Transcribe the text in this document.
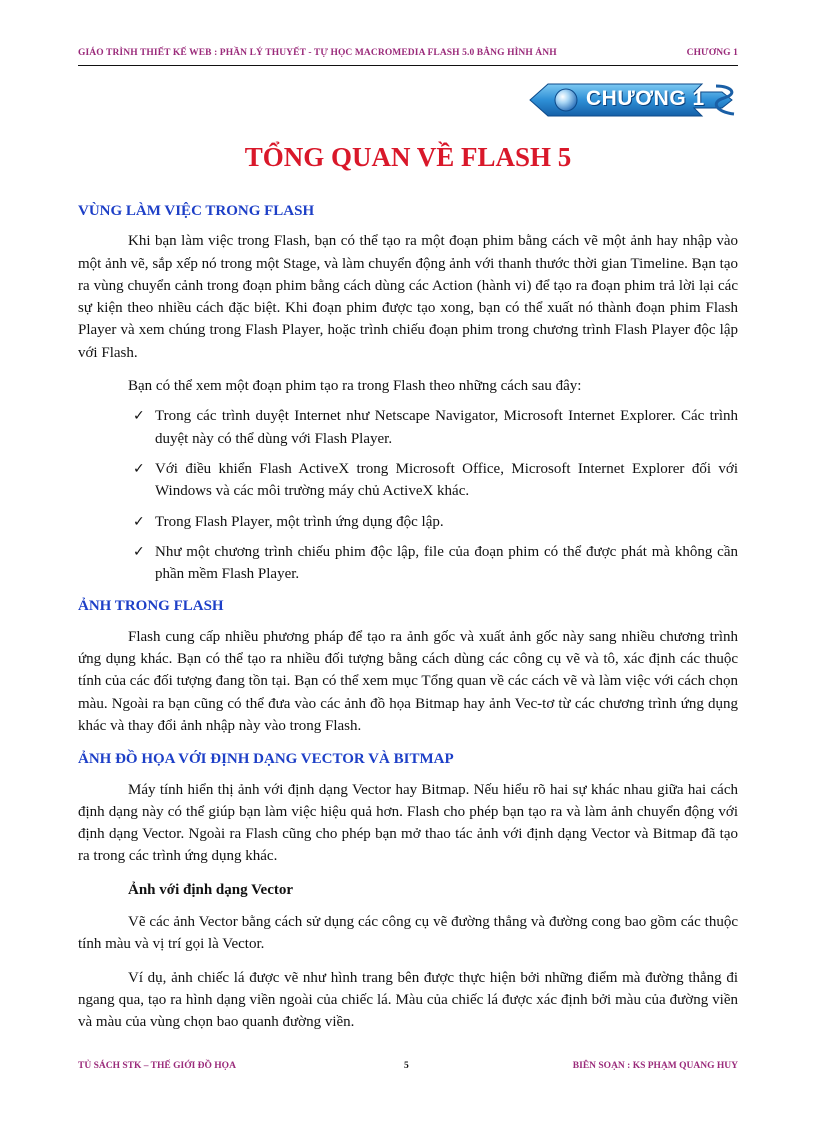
GIÁO TRÌNH THIẾT KẾ WEB : PHẦN LÝ THUYẾT - TỰ HỌC MACROMEDIA FLASH 5.0 BẰNG HÌNH ẢNH	CHƯƠNG 1
CHƯƠNG 1
TỔNG QUAN VỀ FLASH 5
VÙNG LÀM VIỆC TRONG FLASH

Khi bạn làm việc trong Flash, bạn có thể tạo ra một đoạn phim bằng cách vẽ một ảnh hay nhập vào một ảnh vẽ, sắp xếp nó trong một Stage, và làm chuyển động ảnh với thanh thước thời gian Timeline. Bạn tạo ra vùng chuyển cảnh trong đoạn phim bằng cách dùng các Action (hành vi) để tạo ra đoạn phim trả lời lại các sự kiện theo nhiều cách đặc biệt. Khi đoạn phim được tạo xong, bạn có thể xuất nó thành đoạn phim Flash Player và xem chúng trong Flash Player, hoặc trình chiếu đoạn phim trong chương trình Flash Player độc lập với Flash.

Bạn có thể xem một đoạn phim tạo ra trong Flash theo những cách sau đây:

✓ Trong các trình duyệt Internet như Netscape Navigator, Microsoft Internet Explorer. Các trình duyệt này có thể dùng với Flash Player.
✓ Với điều khiển Flash ActiveX trong Microsoft Office, Microsoft Internet Explorer đối với Windows và các môi trường máy chủ ActiveX khác.
✓ Trong Flash Player, một trình ứng dụng độc lập.
✓ Như một chương trình chiếu phim độc lập, file của đoạn phim có thể được phát mà không cần phần mềm Flash Player.
ẢNH TRONG FLASH

Flash cung cấp nhiều phương pháp để tạo ra ảnh gốc và xuất ảnh gốc này sang nhiều chương trình ứng dụng khác. Bạn có thể tạo ra nhiều đối tượng bằng cách dùng các công cụ vẽ và tô, xác định các thuộc tính của các đối tượng đang tồn tại. Bạn có thể xem mục Tổng quan về các cách vẽ và làm việc với cách chọn màu. Ngoài ra bạn cũng có thể đưa vào các ảnh đồ họa Bitmap hay ảnh Vec-tơ từ các chương trình ứng dụng khác và thay đổi ảnh nhập này vào trong Flash.

ẢNH ĐỒ HỌA VỚI ĐỊNH DẠNG VECTOR VÀ BITMAP

Máy tính hiển thị ảnh với định dạng Vector hay Bitmap. Nếu hiểu rõ hai sự khác nhau giữa hai cách định dạng này có thể giúp bạn làm việc hiệu quả hơn. Flash cho phép bạn tạo ra và làm ảnh chuyển động với định dạng Vector. Ngoài ra Flash cũng cho phép bạn mở thao tác ảnh với định dạng Vector và Bitmap đã tạo ra trong các trình ứng dụng khác.

Ảnh với định dạng Vector

Vẽ các ảnh Vector bằng cách sử dụng các công cụ vẽ đường thẳng và đường cong bao gồm các thuộc tính màu và vị trí gọi là Vector.

Ví dụ, ảnh chiếc lá được vẽ như hình trang bên được thực hiện bởi những điểm mà đường thẳng đi ngang qua, tạo ra hình dạng viền ngoài của chiếc lá. Màu của chiếc lá được xác định bởi màu của đường viền và màu của vùng chọn bao quanh đường viền.

TỦ SÁCH STK – THẾ GIỚI ĐỒ HỌA	5	BIÊN SOẠN : KS PHẠM QUANG HUY
